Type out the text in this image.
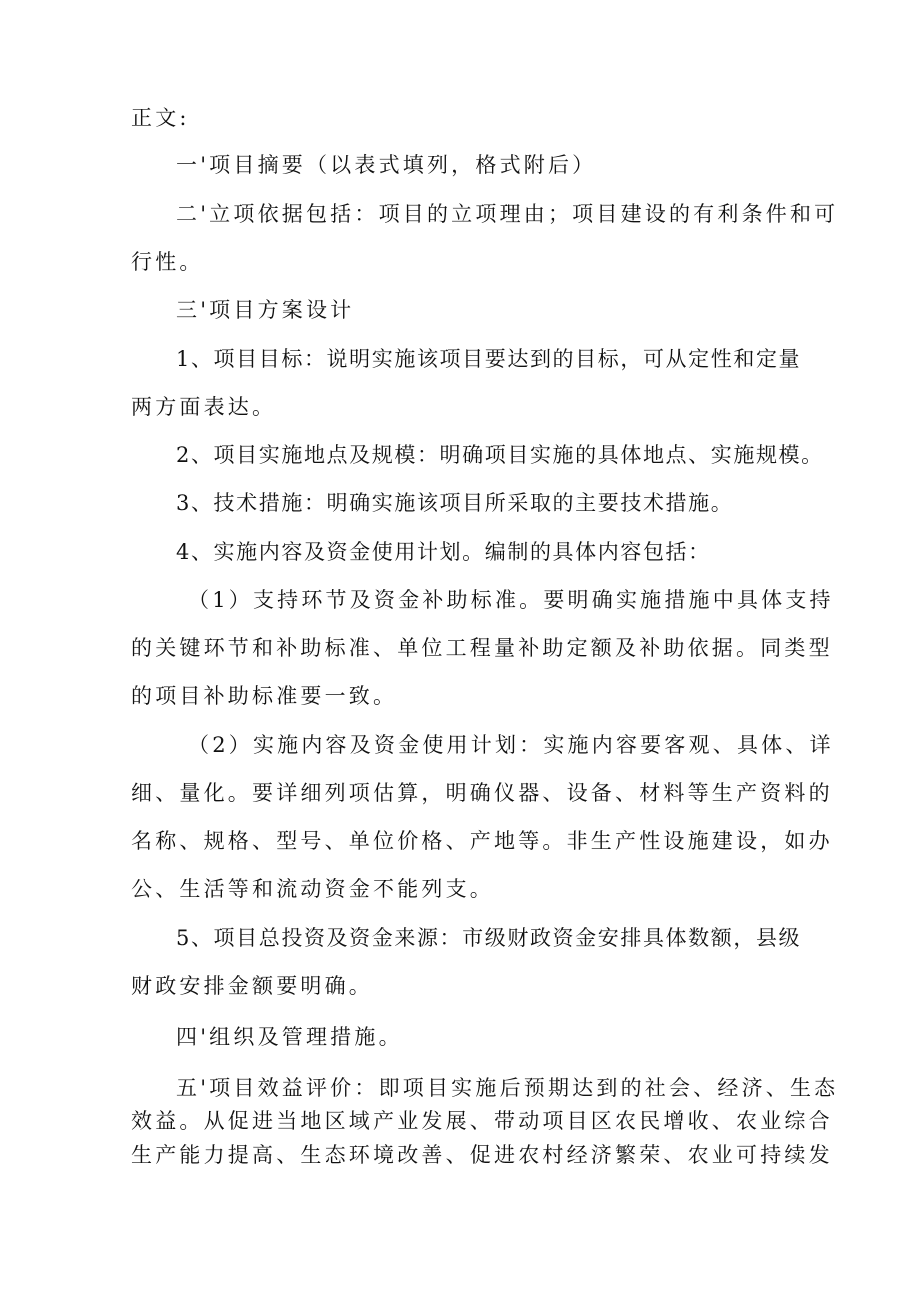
正文:
一'项目摘要（以表式填列，格式附后）
二'立项依据包括：项目的立项理由；项目建设的有利条件和可
行性。
三'项目方案设计
1、项目目标：说明实施该项目要达到的目标，可从定性和定量
两方面表达。
2、项目实施地点及规模：明确项目实施的具体地点、实施规模。
3、技术措施：明确实施该项目所采取的主要技术措施。
4、实施内容及资金使用计划。编制的具体内容包括：
（1）支持环节及资金补助标准。要明确实施措施中具体支持
的关键环节和补助标准、单位工程量补助定额及补助依据。同类型
的项目补助标准要一致。
（2）实施内容及资金使用计划：实施内容要客观、具体、详
细、量化。要详细列项估算，明确仪器、设备、材料等生产资料的
名称、规格、型号、单位价格、产地等。非生产性设施建设，如办
公、生活等和流动资金不能列支。
5、项目总投资及资金来源：市级财政资金安排具体数额，县级
财政安排金额要明确。
四'组织及管理措施。
五'项目效益评价：即项目实施后预期达到的社会、经济、生态
效益。从促进当地区域产业发展、带动项目区农民增收、农业综合
生产能力提高、生态环境改善、促进农村经济繁荣、农业可持续发
